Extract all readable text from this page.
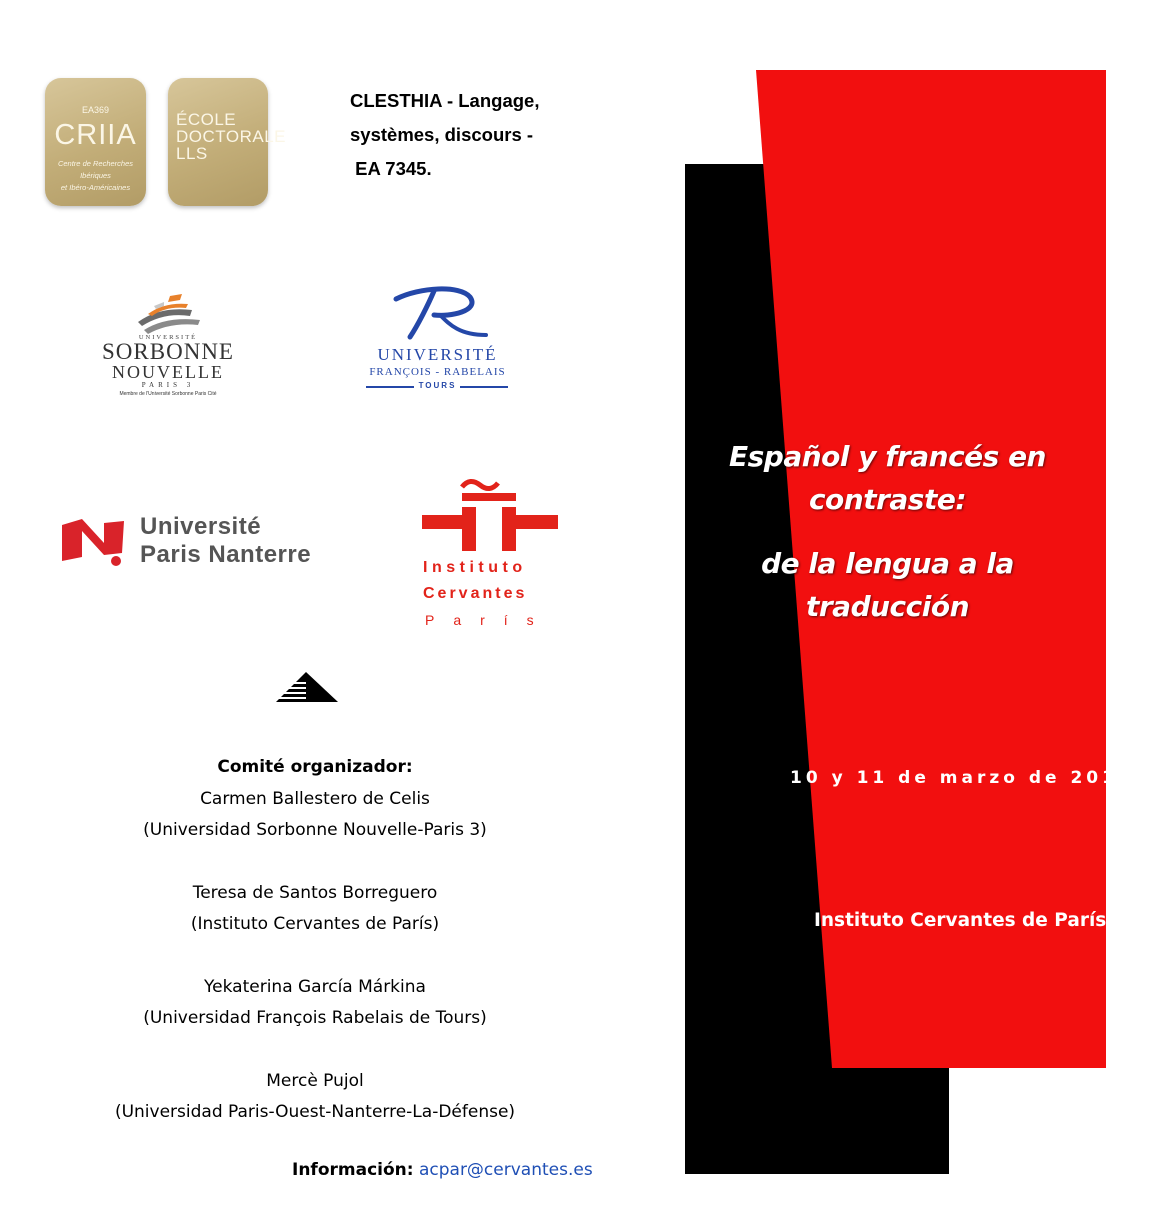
EA369
CRIIA
Centre de Recherches
Ibériques
et Ibéro-Américaines
ÉCOLE
DOCTORALE
LLS
CLESTHIA - Langage,
systèmes, discours -
EA 7345.
UNIVERSITÉ
SORBONNE
NOUVELLE
PARIS 3
Membre de l'Université Sorbonne Paris Cité
UNIVERSITÉ
FRANÇOIS - RABELAIS
TOURS
Université
Paris Nanterre	Instituto
Cervantes
París
Comité organizador:
Carmen Ballestero de Celis
(Universidad Sorbonne Nouvelle-Paris 3)
Teresa de Santos Borreguero
(Instituto Cervantes de París)
Yekaterina García Márkina
(Universidad François Rabelais de Tours)
Mercè Pujol
(Universidad Paris-Ouest-Nanterre-La-Défense)
Información: acpar@cervantes.es
Español y francés en
contraste:
de la lengua a la
traducción
10 y 11 de marzo de 2017
Instituto Cervantes de París
